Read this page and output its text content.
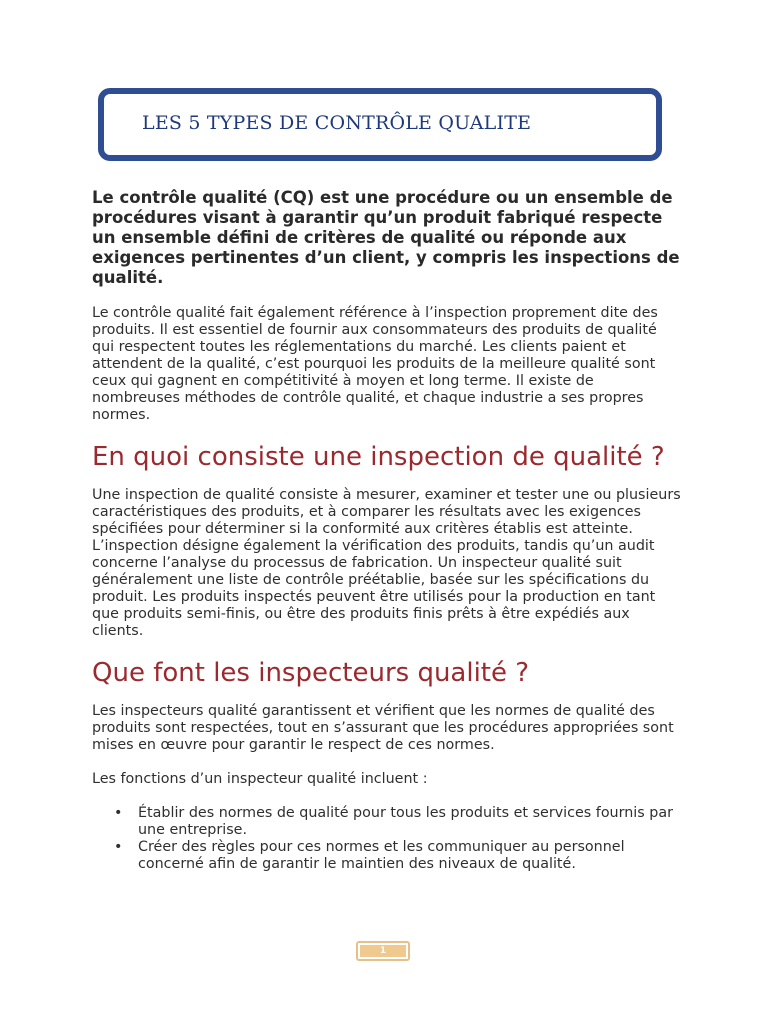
LES 5 TYPES DE CONTRÔLE QUALITE

Le contrôle qualité (CQ) est une procédure ou un ensemble de procédures visant à garantir qu’un produit fabriqué respecte un ensemble défini de critères de qualité ou réponde aux exigences pertinentes d’un client, y compris les inspections de qualité.

Le contrôle qualité fait également référence à l’inspection proprement dite des produits. Il est essentiel de fournir aux consommateurs des produits de qualité qui respectent toutes les réglementations du marché. Les clients paient et attendent de la qualité, c’est pourquoi les produits de la meilleure qualité sont ceux qui gagnent en compétitivité à moyen et long terme. Il existe de nombreuses méthodes de contrôle qualité, et chaque industrie a ses propres normes.

En quoi consiste une inspection de qualité ?

Une inspection de qualité consiste à mesurer, examiner et tester une ou plusieurs caractéristiques des produits, et à comparer les résultats avec les exigences spécifiées pour déterminer si la conformité aux critères établis est atteinte. L’inspection désigne également la vérification des produits, tandis qu’un audit concerne l’analyse du processus de fabrication. Un inspecteur qualité suit généralement une liste de contrôle préétablie, basée sur les spécifications du produit. Les produits inspectés peuvent être utilisés pour la production en tant que produits semi-finis, ou être des produits finis prêts à être expédiés aux clients.

Que font les inspecteurs qualité ?

Les inspecteurs qualité garantissent et vérifient que les normes de qualité des produits sont respectées, tout en s’assurant que les procédures appropriées sont mises en œuvre pour garantir le respect de ces normes.

Les fonctions d’un inspecteur qualité incluent :

• Établir des normes de qualité pour tous les produits et services fournis par une entreprise.
• Créer des règles pour ces normes et les communiquer au personnel concerné afin de garantir le maintien des niveaux de qualité.
1
